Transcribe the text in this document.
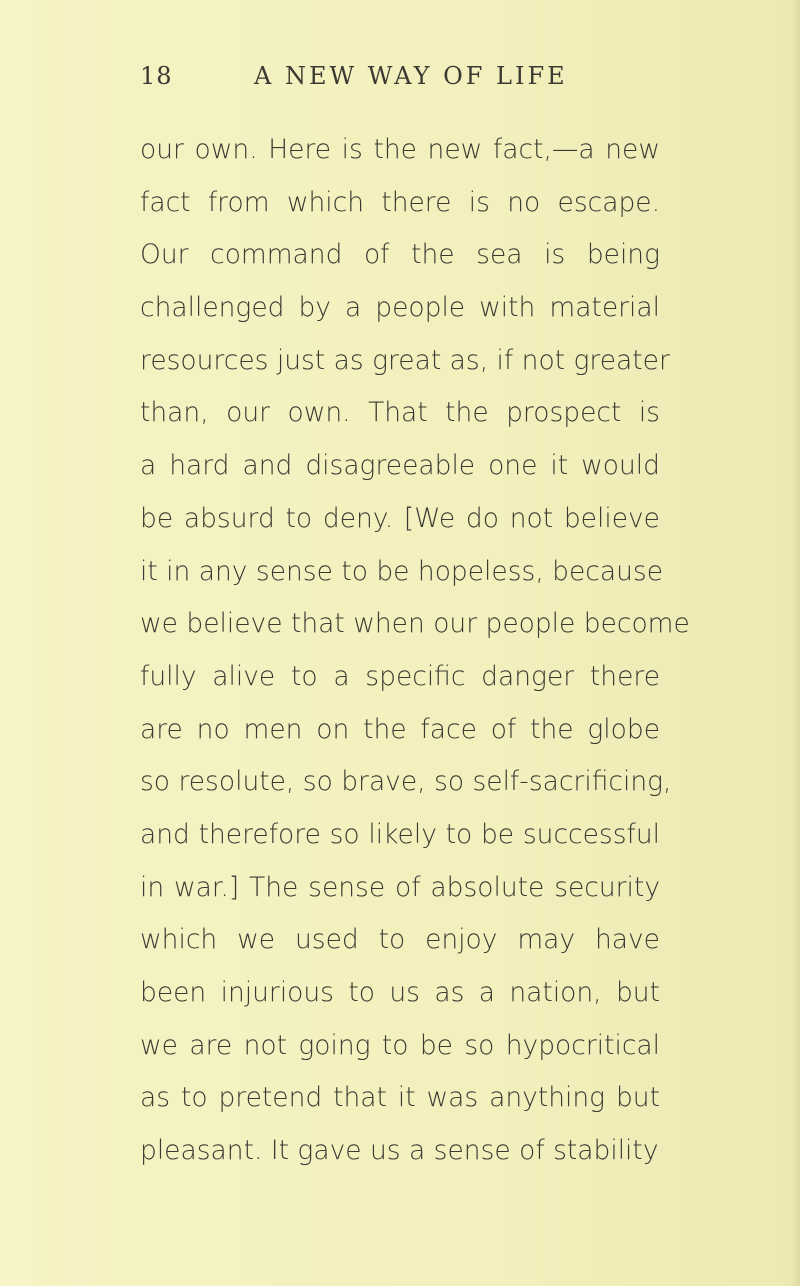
18	A NEW WAY OF LIFE
our own. Here is the new fact,—a new
fact from which there is no escape.
Our command of the sea is being
challenged by a people with material
resources just as great as, if not greater
than, our own. That the prospect is
a hard and disagreeable one it would
be absurd to deny. [We do not believe
it in any sense to be hopeless, because
we believe that when our people become
fully alive to a specific danger there
are no men on the face of the globe
so resolute, so brave, so self-sacrificing,
and therefore so likely to be successful
in war.] The sense of absolute security
which we used to enjoy may have
been injurious to us as a nation, but
we are not going to be so hypocritical
as to pretend that it was anything but
pleasant. It gave us a sense of stability
